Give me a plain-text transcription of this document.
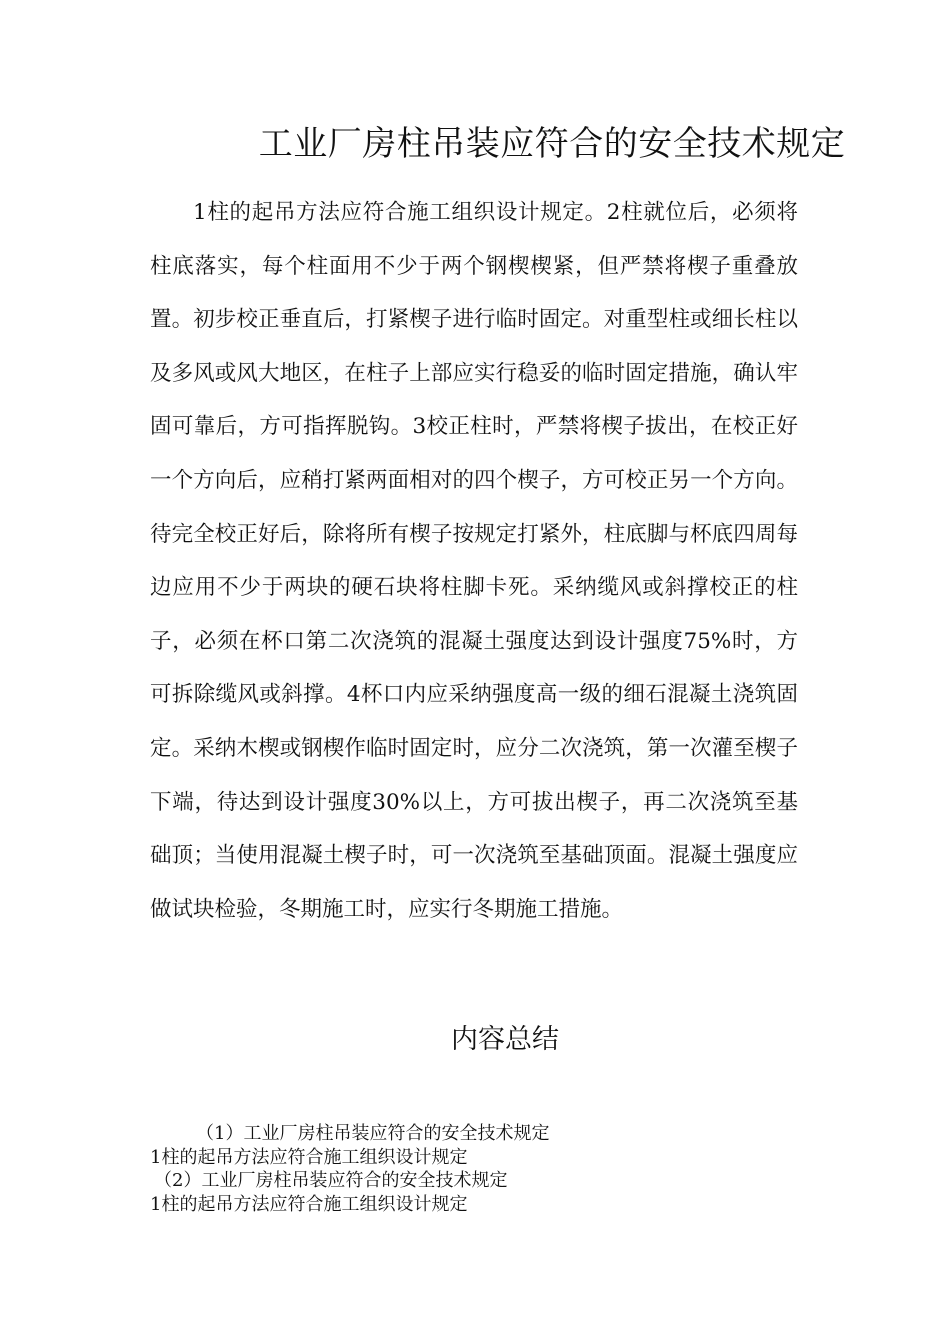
工业厂房柱吊装应符合的安全技术规定

1柱的起吊方法应符合施工组织设计规定。2柱就位后，必须将柱底落实，每个柱面用不少于两个钢楔楔紧，但严禁将楔子重叠放置。初步校正垂直后，打紧楔子进行临时固定。对重型柱或细长柱以及多风或风大地区，在柱子上部应实行稳妥的临时固定措施，确认牢固可靠后，方可指挥脱钩。3校正柱时，严禁将楔子拔出，在校正好一个方向后，应稍打紧两面相对的四个楔子，方可校正另一个方向。待完全校正好后，除将所有楔子按规定打紧外，柱底脚与杯底四周每边应用不少于两块的硬石块将柱脚卡死。采纳缆风或斜撑校正的柱子，必须在杯口第二次浇筑的混凝土强度达到设计强度75%时，方可拆除缆风或斜撑。4杯口内应采纳强度高一级的细石混凝土浇筑固定。采纳木楔或钢楔作临时固定时，应分二次浇筑，第一次灌至楔子下端，待达到设计强度30%以上，方可拔出楔子，再二次浇筑至基础顶；当使用混凝土楔子时，可一次浇筑至基础顶面。混凝土强度应做试块检验，冬期施工时，应实行冬期施工措施。

内容总结
（1）工业厂房柱吊装应符合的安全技术规定
1柱的起吊方法应符合施工组织设计规定
（2）工业厂房柱吊装应符合的安全技术规定
1柱的起吊方法应符合施工组织设计规定
